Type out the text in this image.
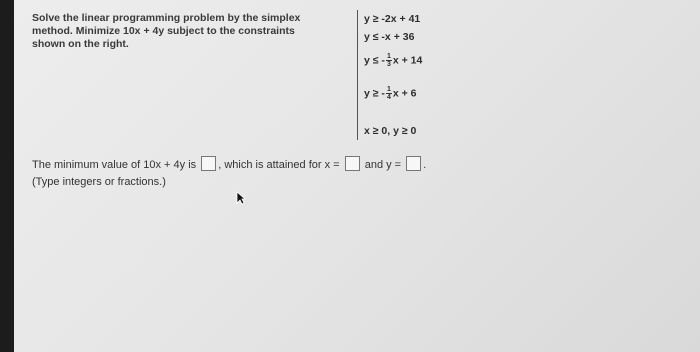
Solve the linear programming problem by the simplex
method. Minimize 10x + 4y subject to the constraints
shown on the right.
y ≥ -2x + 41
y ≤ -x + 36
y ≤ - $\frac{1}{3}$ x + 14
y ≥ - $\frac{1}{4}$ x + 6
x ≥ 0, y ≥ 0
The minimum value of 10x + 4y is , which is attained for x = and y = .
(Type integers or fractions.)
